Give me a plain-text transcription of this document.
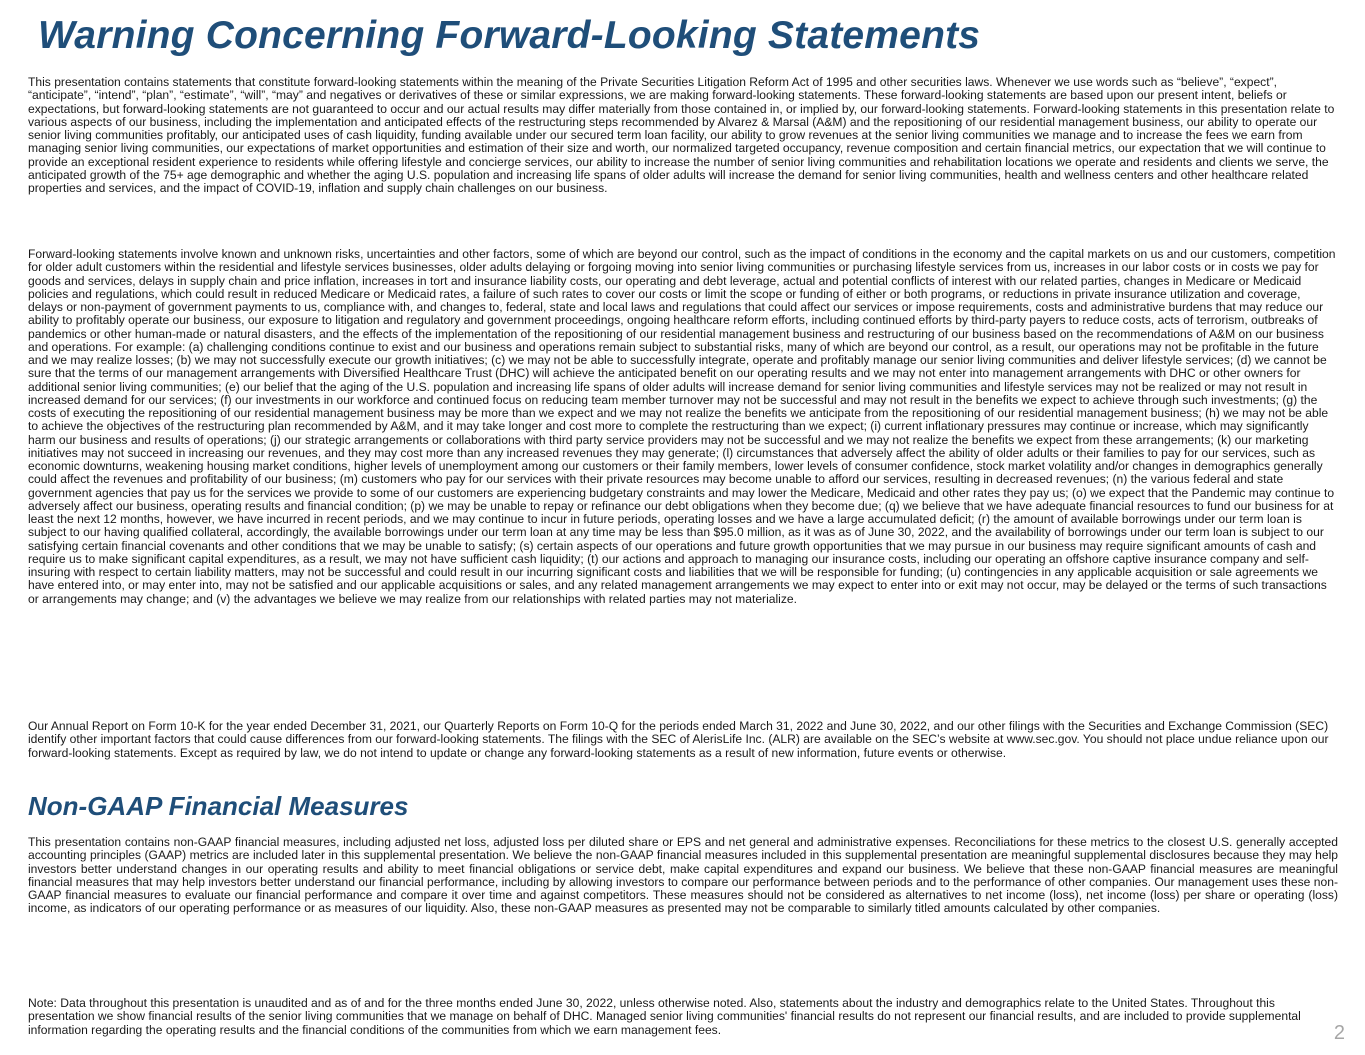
Warning Concerning Forward-Looking Statements

This presentation contains statements that constitute forward-looking statements within the meaning of the Private Securities Litigation Reform Act of 1995 and other securities laws. Whenever we use words such as “believe”, “expect”, “anticipate”, “intend”, “plan”, “estimate”, “will”, “may” and negatives or derivatives of these or similar expressions, we are making forward-looking statements. These forward-looking statements are based upon our present intent, beliefs or expectations, but forward-looking statements are not guaranteed to occur and our actual results may differ materially from those contained in, or implied by, our forward-looking statements. Forward-looking statements in this presentation relate to various aspects of our business, including the implementation and anticipated effects of the restructuring steps recommended by Alvarez & Marsal (A&M) and the repositioning of our residential management business, our ability to operate our senior living communities profitably, our anticipated uses of cash liquidity, funding available under our secured term loan facility, our ability to grow revenues at the senior living communities we manage and to increase the fees we earn from managing senior living communities, our expectations of market opportunities and estimation of their size and worth, our normalized targeted occupancy, revenue composition and certain financial metrics, our expectation that we will continue to provide an exceptional resident experience to residents while offering lifestyle and concierge services, our ability to increase the number of senior living communities and rehabilitation locations we operate and residents and clients we serve, the anticipated growth of the 75+ age demographic and whether the aging U.S. population and increasing life spans of older adults will increase the demand for senior living communities, health and wellness centers and other healthcare related properties and services, and the impact of COVID-19, inflation and supply chain challenges on our business.

Forward-looking statements involve known and unknown risks, uncertainties and other factors, some of which are beyond our control, such as the impact of conditions in the economy and the capital markets on us and our customers, competition for older adult customers within the residential and lifestyle services businesses, older adults delaying or forgoing moving into senior living communities or purchasing lifestyle services from us, increases in our labor costs or in costs we pay for goods and services, delays in supply chain and price inflation, increases in tort and insurance liability costs, our operating and debt leverage, actual and potential conflicts of interest with our related parties, changes in Medicare or Medicaid policies and regulations, which could result in reduced Medicare or Medicaid rates, a failure of such rates to cover our costs or limit the scope or funding of either or both programs, or reductions in private insurance utilization and coverage, delays or non-payment of government payments to us, compliance with, and changes to, federal, state and local laws and regulations that could affect our services or impose requirements, costs and administrative burdens that may reduce our ability to profitably operate our business, our exposure to litigation and regulatory and government proceedings, ongoing healthcare reform efforts, including continued efforts by third-party payers to reduce costs, acts of terrorism, outbreaks of pandemics or other human-made or natural disasters, and the effects of the implementation of the repositioning of our residential management business and restructuring of our business based on the recommendations of A&M on our business and operations. For example: (a) challenging conditions continue to exist and our business and operations remain subject to substantial risks, many of which are beyond our control, as a result, our operations may not be profitable in the future and we may realize losses; (b) we may not successfully execute our growth initiatives; (c) we may not be able to successfully integrate, operate and profitably manage our senior living communities and deliver lifestyle services; (d) we cannot be sure that the terms of our management arrangements with Diversified Healthcare Trust (DHC) will achieve the anticipated benefit on our operating results and we may not enter into management arrangements with DHC or other owners for additional senior living communities; (e) our belief that the aging of the U.S. population and increasing life spans of older adults will increase demand for senior living communities and lifestyle services may not be realized or may not result in increased demand for our services; (f) our investments in our workforce and continued focus on reducing team member turnover may not be successful and may not result in the benefits we expect to achieve through such investments; (g) the costs of executing the repositioning of our residential management business may be more than we expect and we may not realize the benefits we anticipate from the repositioning of our residential management business; (h) we may not be able to achieve the objectives of the restructuring plan recommended by A&M, and it may take longer and cost more to complete the restructuring than we expect; (i) current inflationary pressures may continue or increase, which may significantly harm our business and results of operations; (j) our strategic arrangements or collaborations with third party service providers may not be successful and we may not realize the benefits we expect from these arrangements; (k) our marketing initiatives may not succeed in increasing our revenues, and they may cost more than any increased revenues they may generate; (l) circumstances that adversely affect the ability of older adults or their families to pay for our services, such as economic downturns, weakening housing market conditions, higher levels of unemployment among our customers or their family members, lower levels of consumer confidence, stock market volatility and/or changes in demographics generally could affect the revenues and profitability of our business; (m) customers who pay for our services with their private resources may become unable to afford our services, resulting in decreased revenues; (n) the various federal and state government agencies that pay us for the services we provide to some of our customers are experiencing budgetary constraints and may lower the Medicare, Medicaid and other rates they pay us; (o) we expect that the Pandemic may continue to adversely affect our business, operating results and financial condition; (p) we may be unable to repay or refinance our debt obligations when they become due; (q) we believe that we have adequate financial resources to fund our business for at least the next 12 months, however, we have incurred in recent periods, and we may continue to incur in future periods, operating losses and we have a large accumulated deficit; (r) the amount of available borrowings under our term loan is subject to our having qualified collateral, accordingly, the available borrowings under our term loan at any time may be less than $95.0 million, as it was as of June 30, 2022, and the availability of borrowings under our term loan is subject to our satisfying certain financial covenants and other conditions that we may be unable to satisfy; (s) certain aspects of our operations and future growth opportunities that we may pursue in our business may require significant amounts of cash and require us to make significant capital expenditures, as a result, we may not have sufficient cash liquidity; (t) our actions and approach to managing our insurance costs, including our operating an offshore captive insurance company and self-insuring with respect to certain liability matters, may not be successful and could result in our incurring significant costs and liabilities that we will be responsible for funding; (u) contingencies in any applicable acquisition or sale agreements we have entered into, or may enter into, may not be satisfied and our applicable acquisitions or sales, and any related management arrangements we may expect to enter into or exit may not occur, may be delayed or the terms of such transactions or arrangements may change; and (v) the advantages we believe we may realize from our relationships with related parties may not materialize.

Our Annual Report on Form 10-K for the year ended December 31, 2021, our Quarterly Reports on Form 10-Q for the periods ended March 31, 2022 and June 30, 2022, and our other filings with the Securities and Exchange Commission (SEC) identify other important factors that could cause differences from our forward-looking statements. The filings with the SEC of AlerisLife Inc. (ALR) are available on the SEC’s website at www.sec.gov. You should not place undue reliance upon our forward-looking statements. Except as required by law, we do not intend to update or change any forward-looking statements as a result of new information, future events or otherwise.

Non-GAAP Financial Measures

This presentation contains non-GAAP financial measures, including adjusted net loss, adjusted loss per diluted share or EPS and net general and administrative expenses. Reconciliations for these metrics to the closest U.S. generally accepted accounting principles (GAAP) metrics are included later in this supplemental presentation. We believe the non-GAAP financial measures included in this supplemental presentation are meaningful supplemental disclosures because they may help investors better understand changes in our operating results and ability to meet financial obligations or service debt, make capital expenditures and expand our business. We believe that these non-GAAP financial measures are meaningful financial measures that may help investors better understand our financial performance, including by allowing investors to compare our performance between periods and to the performance of other companies. Our management uses these non-GAAP financial measures to evaluate our financial performance and compare it over time and against competitors. These measures should not be considered as alternatives to net income (loss), net income (loss) per share or operating (loss) income, as indicators of our operating performance or as measures of our liquidity. Also, these non-GAAP measures as presented may not be comparable to similarly titled amounts calculated by other companies.

Note: Data throughout this presentation is unaudited and as of and for the three months ended June 30, 2022, unless otherwise noted. Also, statements about the industry and demographics relate to the United States. Throughout this presentation we show financial results of the senior living communities that we manage on behalf of DHC. Managed senior living communities' financial results do not represent our financial results, and are included to provide supplemental information regarding the operating results and the financial conditions of the communities from which we earn management fees.	2
